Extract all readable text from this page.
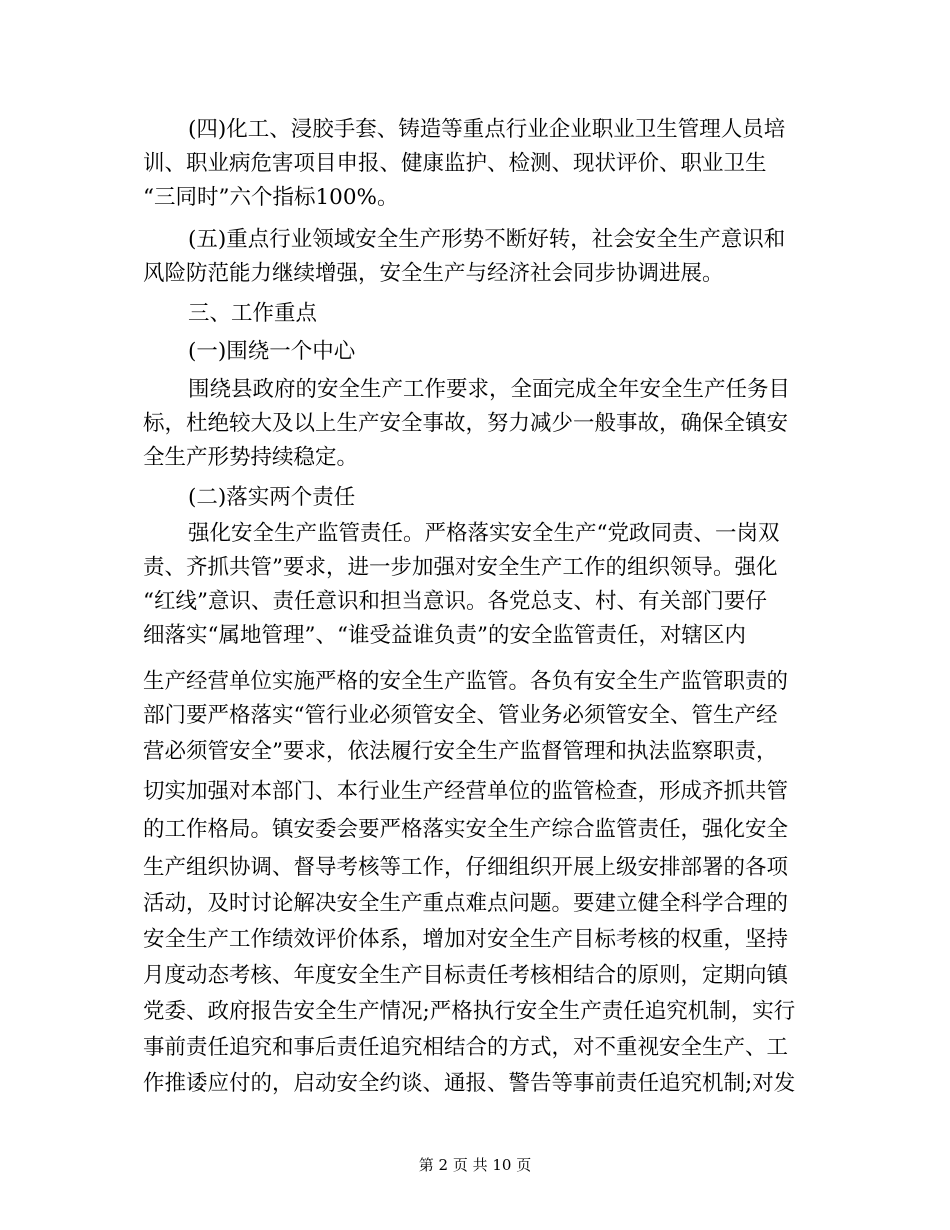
(四)化工、浸胶手套、铸造等重点行业企业职业卫生管理人员培
训、职业病危害项目申报、健康监护、检测、现状评价、职业卫生
“三同时”六个指标100%。
(五)重点行业领域安全生产形势不断好转，社会安全生产意识和
风险防范能力继续增强，安全生产与经济社会同步协调进展。
三、工作重点
(一)围绕一个中心
围绕县政府的安全生产工作要求，全面完成全年安全生产任务目
标，杜绝较大及以上生产安全事故，努力减少一般事故，确保全镇安
全生产形势持续稳定。
(二)落实两个责任
强化安全生产监管责任。严格落实安全生产“党政同责、一岗双
责、齐抓共管”要求，进一步加强对安全生产工作的组织领导。强化
“红线”意识、责任意识和担当意识。各党总支、村、有关部门要仔
细落实“属地管理”、“谁受益谁负责”的安全监管责任，对辖区内
生产经营单位实施严格的安全生产监管。各负有安全生产监管职责的
部门要严格落实“管行业必须管安全、管业务必须管安全、管生产经
营必须管安全”要求，依法履行安全生产监督管理和执法监察职责，
切实加强对本部门、本行业生产经营单位的监管检查，形成齐抓共管
的工作格局。镇安委会要严格落实安全生产综合监管责任，强化安全
生产组织协调、督导考核等工作，仔细组织开展上级安排部署的各项
活动，及时讨论解决安全生产重点难点问题。要建立健全科学合理的
安全生产工作绩效评价体系，增加对安全生产目标考核的权重，坚持
月度动态考核、年度安全生产目标责任考核相结合的原则，定期向镇
党委、政府报告安全生产情况;严格执行安全生产责任追究机制，实行
事前责任追究和事后责任追究相结合的方式，对不重视安全生产、工
作推诿应付的，启动安全约谈、通报、警告等事前责任追究机制;对发
第 2 页 共 10 页
